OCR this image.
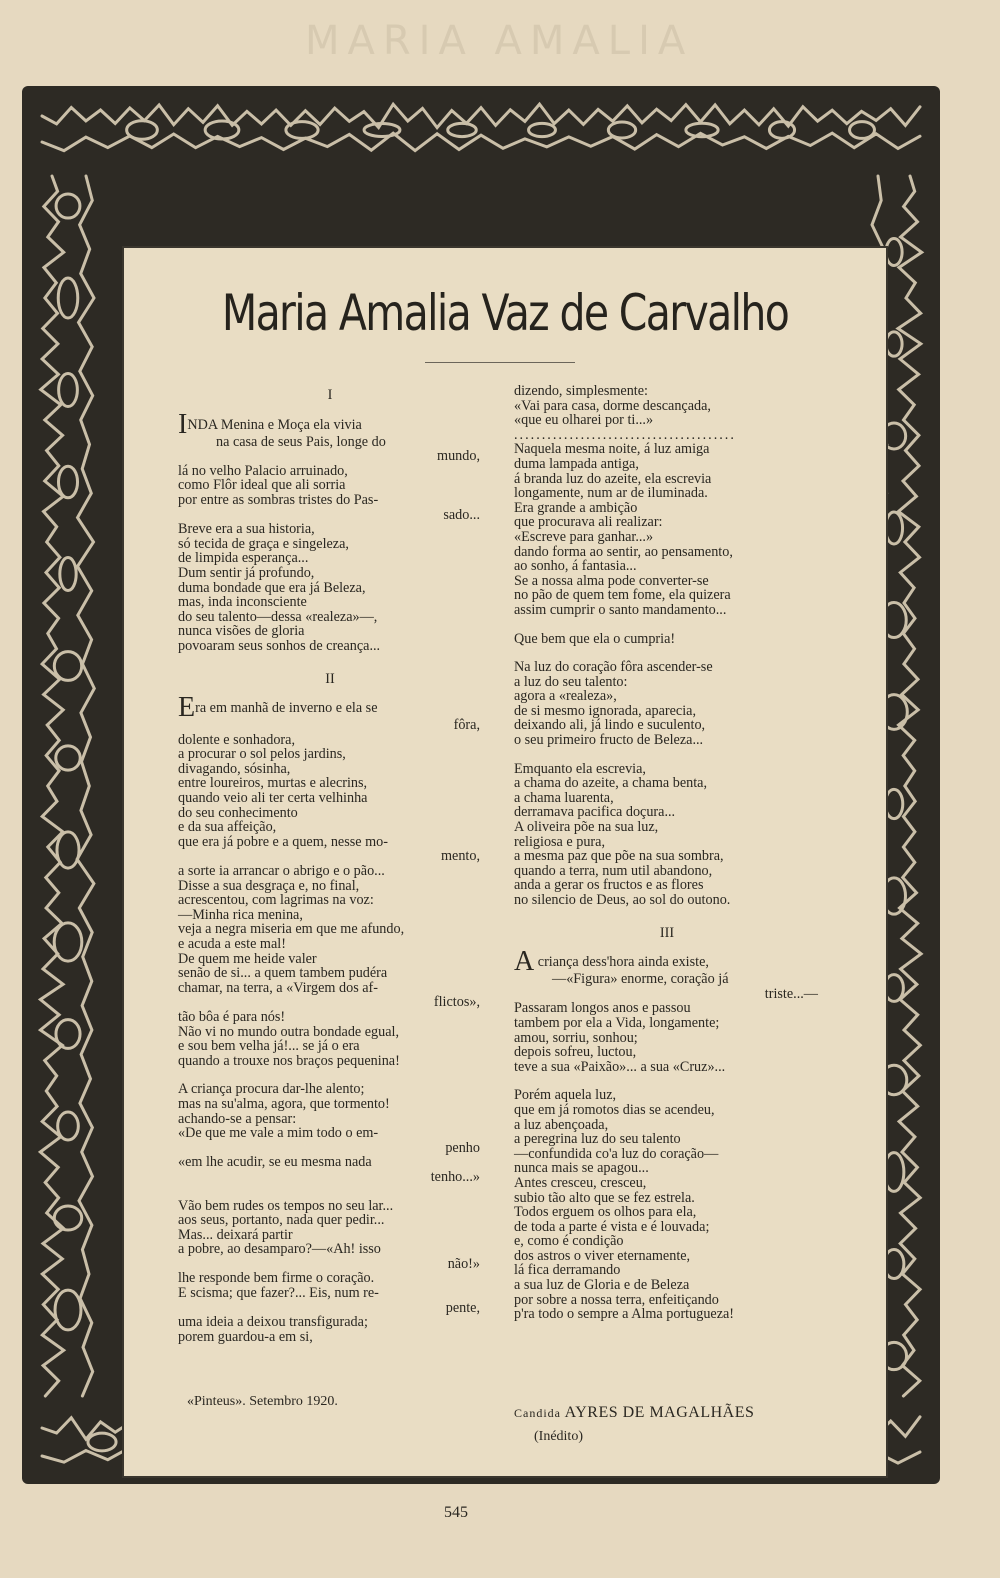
MARIA AMALIA
Maria Amalia Vaz de Carvalho
I
INDA Menina e Moça ela vivia
na casa de seus Pais, longe do
mundo,
lá no velho Palacio arruinado,
como Flôr ideal que ali sorria
por entre as sombras tristes do Pas-
sado...
Breve era a sua historia,
só tecida de graça e singeleza,
de limpida esperança...
Dum sentir já profundo,
duma bondade que era já Beleza,
mas, inda inconsciente
do seu talento—dessa «realeza»—,
nunca visões de gloria
povoaram seus sonhos de creança...
II
Era em manhã de inverno e ela se
fôra,
dolente e sonhadora,
a procurar o sol pelos jardins,
divagando, sósinha,
entre loureiros, murtas e alecrins,
quando veio ali ter certa velhinha
do seu conhecimento
e da sua affeição,
que era já pobre e a quem, nesse mo-
mento,
a sorte ia arrancar o abrigo e o pão...
Disse a sua desgraça e, no final,
acrescentou, com lagrimas na voz:
—Minha rica menina,
veja a negra miseria em que me afundo,
e acuda a este mal!
De quem me heide valer
senão de si... a quem tambem pudéra
chamar, na terra, a «Virgem dos af-
flictos»,
tão bôa é para nós!
Não vi no mundo outra bondade egual,
e sou bem velha já!... se já o era
quando a trouxe nos braços pequenina!
A criança procura dar-lhe alento;
mas na su'alma, agora, que tormento!
achando-se a pensar:
«De que me vale a mim todo o em-
penho
«em lhe acudir, se eu mesma nada
tenho...»
Vão bem rudes os tempos no seu lar...
aos seus, portanto, nada quer pedir...
Mas... deixará partir
a pobre, ao desamparo?—«Ah! isso
não!»
lhe responde bem firme o coração.
E scisma; que fazer?... Eis, num re-
pente,
uma ideia a deixou transfigurada;
porem guardou-a em si,
dizendo, simplesmente:
«Vai para casa, dorme descançada,
«que eu olharei por ti...»
........................................
Naquela mesma noite, á luz amiga
duma lampada antiga,
á branda luz do azeite, ela escrevia
longamente, num ar de iluminada.
Era grande a ambição
que procurava ali realizar:
«Escreve para ganhar...»
dando forma ao sentir, ao pensamento,
ao sonho, á fantasia...
Se a nossa alma pode converter-se
no pão de quem tem fome, ela quizera
assim cumprir o santo mandamento...
Que bem que ela o cumpria!
Na luz do coração fôra ascender-se
a luz do seu talento:
agora a «realeza»,
de si mesmo ignorada, aparecia,
deixando ali, já lindo e suculento,
o seu primeiro fructo de Beleza...
Emquanto ela escrevia,
a chama do azeite, a chama benta,
a chama luarenta,
derramava pacifica doçura...
A oliveira põe na sua luz,
religiosa e pura,
a mesma paz que põe na sua sombra,
quando a terra, num util abandono,
anda a gerar os fructos e as flores
no silencio de Deus, ao sol do outono.
III
A criança dess'hora ainda existe,
—«Figura» enorme, coração já
triste...—
Passaram longos anos e passou
tambem por ela a Vida, longamente;
amou, sorriu, sonhou;
depois sofreu, luctou,
teve a sua «Paixão»... a sua «Cruz»...
Porém aquela luz,
que em já romotos dias se acendeu,
a luz abençoada,
a peregrina luz do seu talento
—confundida co'a luz do coração—
nunca mais se apagou...
Antes cresceu, cresceu,
subio tão alto que se fez estrela.
Todos erguem os olhos para ela,
de toda a parte é vista e é louvada;
e, como é condição
dos astros o viver eternamente,
lá fica derramando
a sua luz de Gloria e de Beleza
por sobre a nossa terra, enfeitiçando
p'ra todo o sempre a Alma portugueza!
«Pinteus». Setembro 1920.
Candida AYRES DE MAGALHÃES
(Inédito)
545
